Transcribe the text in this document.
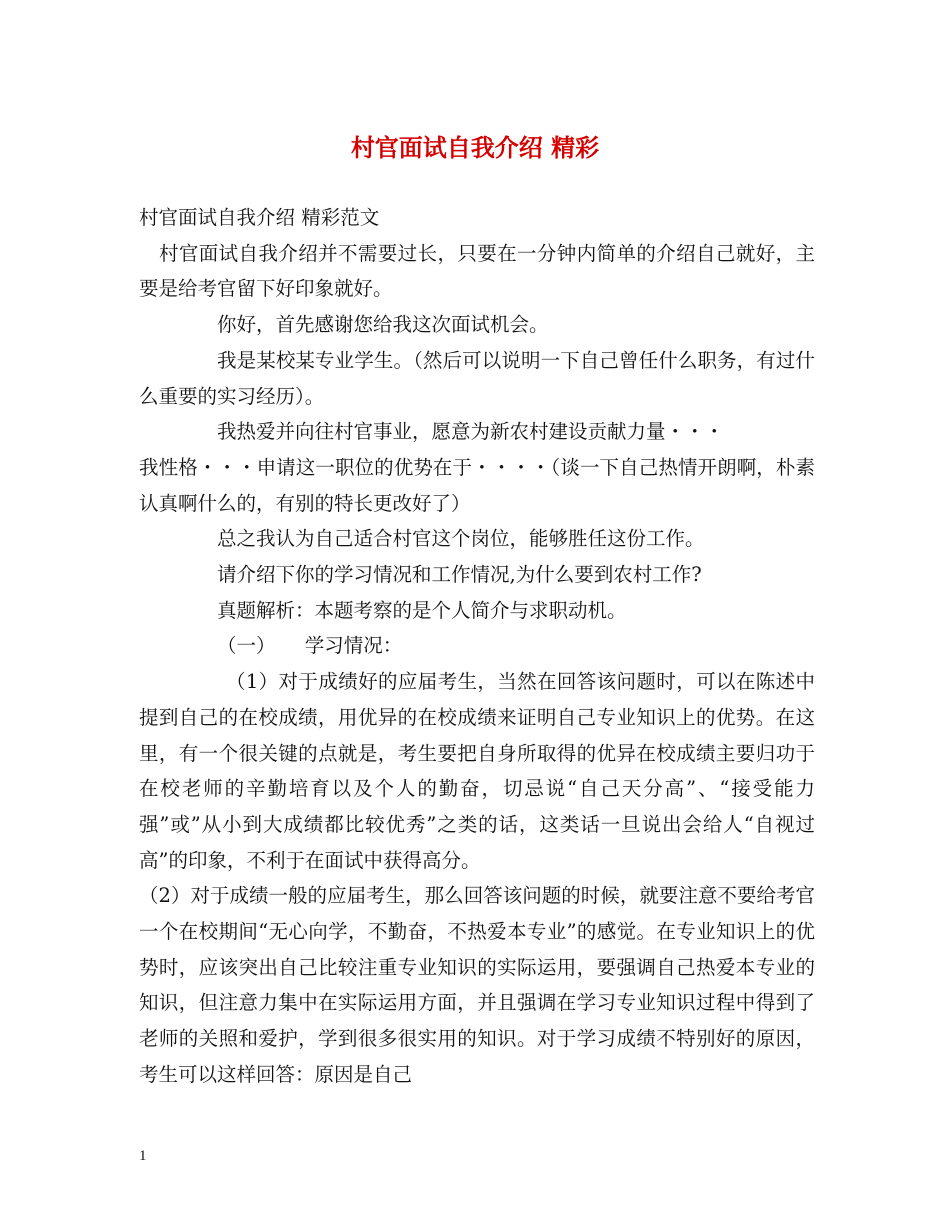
村官面试自我介绍 精彩

村官面试自我介绍 精彩范文

村官面试自我介绍并不需要过长，只要在一分钟内简单的介绍自己就好，主要是给考官留下好印象就好。

你好，首先感谢您给我这次面试机会。

我是某校某专业学生。（然后可以说明一下自己曾任什么职务，有过什么重要的实习经历）。

我热爱并向往村官事业，愿意为新农村建设贡献力量・・・

我性格・・・申请这一职位的优势在于・・・・（谈一下自己热情开朗啊，朴素认真啊什么的，有别的特长更改好了）

总之我认为自己适合村官这个岗位，能够胜任这份工作。

请介绍下你的学习情况和工作情况,为什么要到农村工作?

真题解析：本题考察的是个人简介与求职动机。

（一）　　学习情况：

（1）对于成绩好的应届考生，当然在回答该问题时，可以在陈述中提到自己的在校成绩，用优异的在校成绩来证明自己专业知识上的优势。在这里，有一个很关键的点就是，考生要把自身所取得的优异在校成绩主要归功于在校老师的辛勤培育以及个人的勤奋，切忌说“自己天分高”、“接受能力强”或”从小到大成绩都比较优秀”之类的话，这类话一旦说出会给人“自视过高”的印象，不利于在面试中获得高分。

（2）对于成绩一般的应届考生，那么回答该问题的时候，就要注意不要给考官一个在校期间“无心向学，不勤奋，不热爱本专业”的感觉。在专业知识上的优势时，应该突出自己比较注重专业知识的实际运用，要强调自己热爱本专业的知识，但注意力集中在实际运用方面，并且强调在学习专业知识过程中得到了老师的关照和爱护，学到很多很实用的知识。对于学习成绩不特别好的原因，考生可以这样回答：原因是自己

1
